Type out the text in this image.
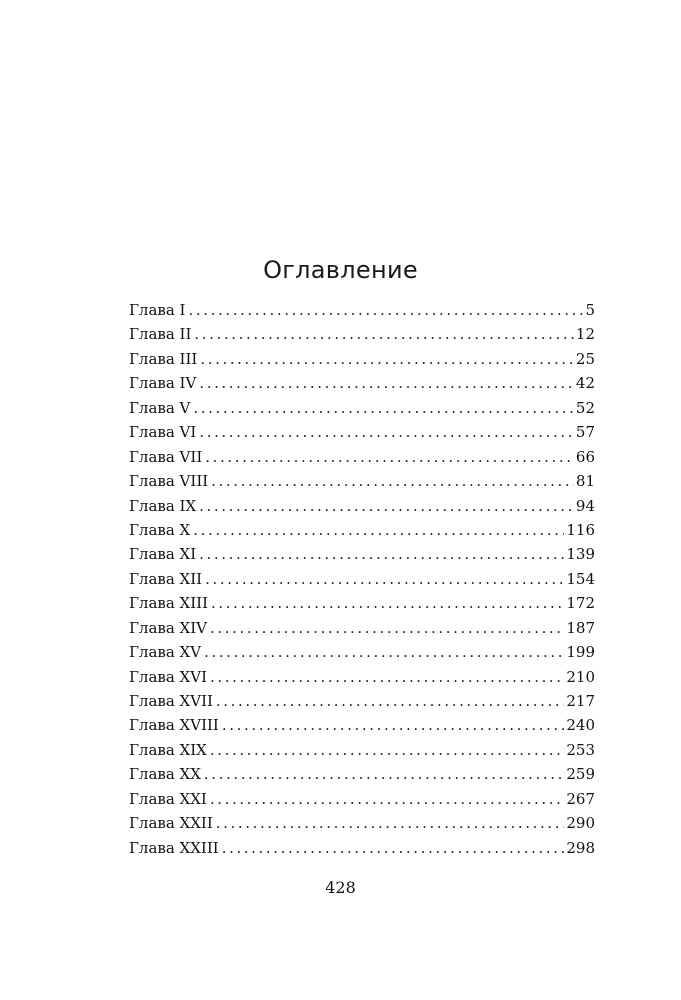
Оглавление
Глава I .....	5
Глава II .....	12
Глава III .....	25
Глава IV .....	42
Глава V .....	52
Глава VI .....	57
Глава VII .....	66
Глава VIII .....	81
Глава IX .....	94
Глава X .....	116
Глава XI .....	139
Глава XII .....	154
Глава XIII .....	172
Глава XIV .....	187
Глава XV .....	199
Глава XVI .....	210
Глава XVII .....	217
Глава XVIII .....	240
Глава XIX .....	253
Глава XX .....	259
Глава XXI .....	267
Глава XXII .....	290
Глава XXIII .....	298
428
